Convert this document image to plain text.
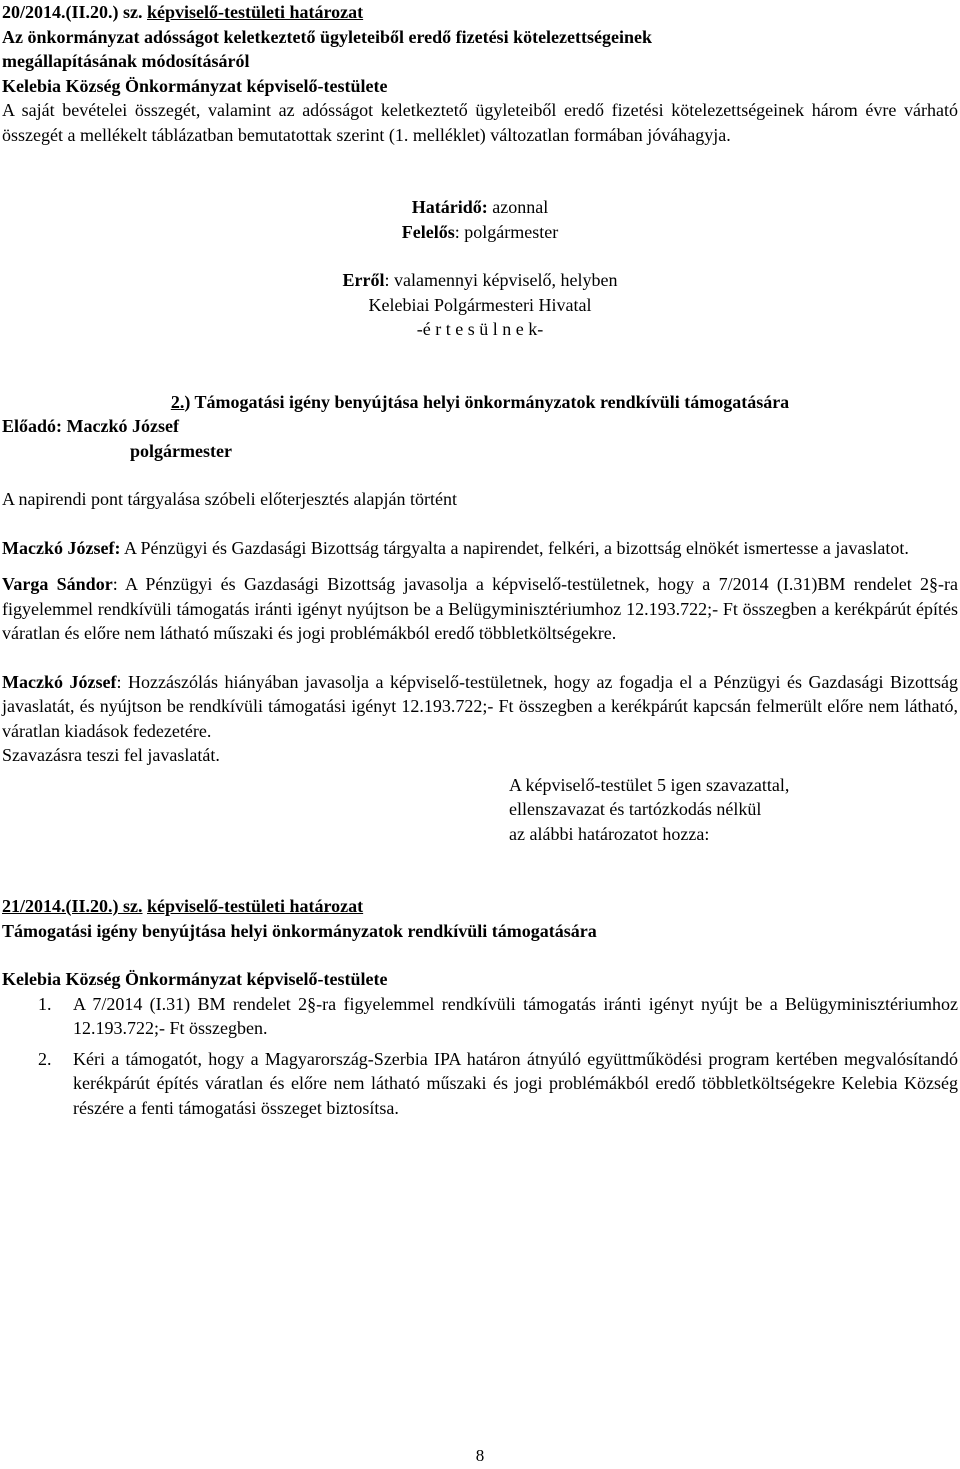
20/2014.(II.20.) sz. képviselő-testületi határozat

Az önkormányzat adósságot keletkeztető ügyleteiből eredő fizetési kötelezettségeinek

megállapításának módosításáról

Kelebia Község Önkormányzat képviselő-testülete

A saját bevételei összegét, valamint az adósságot keletkeztető ügyleteiből eredő fizetési kötelezettségeinek három évre várható összegét a mellékelt táblázatban bemutatottak szerint (1. melléklet) változatlan formában jóváhagyja.

Határidő: azonnal

Felelős: polgármester

Erről: valamennyi képviselő, helyben

Kelebiai Polgármesteri Hivatal

-é r t e s ü l n e k-

2.) Támogatási igény benyújtása helyi önkormányzatok rendkívüli támogatására

Előadó: Maczkó József

polgármester

A napirendi pont tárgyalása szóbeli előterjesztés alapján történt

Maczkó József: A Pénzügyi és Gazdasági Bizottság tárgyalta a napirendet, felkéri, a bizottság elnökét ismertesse a javaslatot.

Varga Sándor: A Pénzügyi és Gazdasági Bizottság javasolja a képviselő-testületnek, hogy a 7/2014 (I.31)BM rendelet 2§-ra figyelemmel rendkívüli támogatás iránti igényt nyújtson be a Belügyminisztériumhoz 12.193.722;- Ft összegben a kerékpárút építés váratlan és előre nem látható műszaki és jogi problémákból eredő többletköltségekre.

Maczkó József: Hozzászólás hiányában javasolja a képviselő-testületnek, hogy az fogadja el a Pénzügyi és Gazdasági Bizottság javaslatát, és nyújtson be rendkívüli támogatási igényt 12.193.722;- Ft összegben a kerékpárút kapcsán felmerült előre nem látható, váratlan kiadások fedezetére.

Szavazásra teszi fel javaslatát.

A képviselő-testület 5 igen szavazattal,

ellenszavazat és tartózkodás nélkül

az alábbi határozatot hozza:

21/2014.(II.20.) sz. képviselő-testületi határozat

Támogatási igény benyújtása helyi önkormányzatok rendkívüli támogatására

Kelebia Község Önkormányzat képviselő-testülete

1. A 7/2014 (I.31) BM rendelet 2§-ra figyelemmel rendkívüli támogatás iránti igényt nyújt be a Belügyminisztériumhoz 12.193.722;- Ft összegben.
2. Kéri a támogatót, hogy a Magyarország-Szerbia IPA határon átnyúló együttműködési program kertében megvalósítandó kerékpárút építés váratlan és előre nem látható műszaki és jogi problémákból eredő többletköltségekre Kelebia Község részére a fenti támogatási összeget biztosítsa.
8
